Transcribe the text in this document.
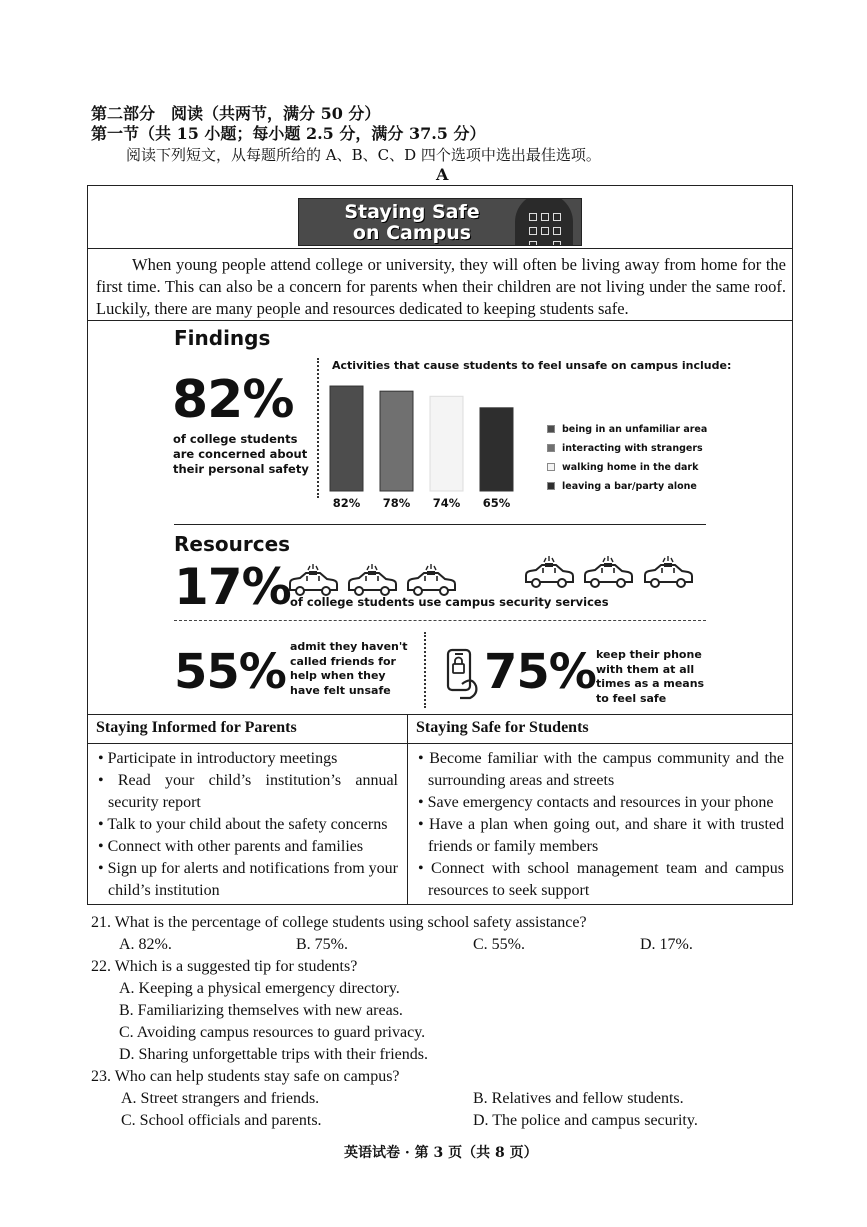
第二部分　阅读（共两节，满分 50 分）
第一节（共 15 小题；每小题 2.5 分，满分 37.5 分）
阅读下列短文，从每题所给的 A、B、C、D 四个选项中选出最佳选项。
A
Staying Safe
on Campus
When young people attend college or university, they will often be living away from home for the first time. This can also be a concern for parents when their children are not living under the same roof. Luckily, there are many people and resources dedicated to keeping students safe.
Findings
82%
of college students are concerned about their personal safety
Activities that cause students to feel unsafe on campus include:
82% 78% 74% 65%
being in an unfamiliar area
interacting with strangers
walking home in the dark
leaving a bar/party alone
Resources
17% of college students use campus security services
55% admit they haven't called friends for help when they have felt unsafe	75% keep their phone with them at all times as a means to feel safe
Staying Informed for Parents	Staying Safe for Students
• Participate in introductory meetings
• Read your child’s institution’s annual security report
• Talk to your child about the safety concerns
• Connect with other parents and families
• Sign up for alerts and notifications from your child’s institution
• Become familiar with the campus community and the surrounding areas and streets
• Save emergency contacts and resources in your phone
• Have a plan when going out, and share it with trusted friends or family members
• Connect with school management team and campus resources to seek support
21. What is the percentage of college students using school safety assistance?
A. 82%.	B. 75%.	C. 55%.	D. 17%.
22. Which is a suggested tip for students?
A. Keeping a physical emergency directory.
B. Familiarizing themselves with new areas.
C. Avoiding campus resources to guard privacy.
D. Sharing unforgettable trips with their friends.
23. Who can help students stay safe on campus?
A. Street strangers and friends.	B. Relatives and fellow students.
C. School officials and parents.	D. The police and campus security.
英语试卷 · 第 3 页（共 8 页）
